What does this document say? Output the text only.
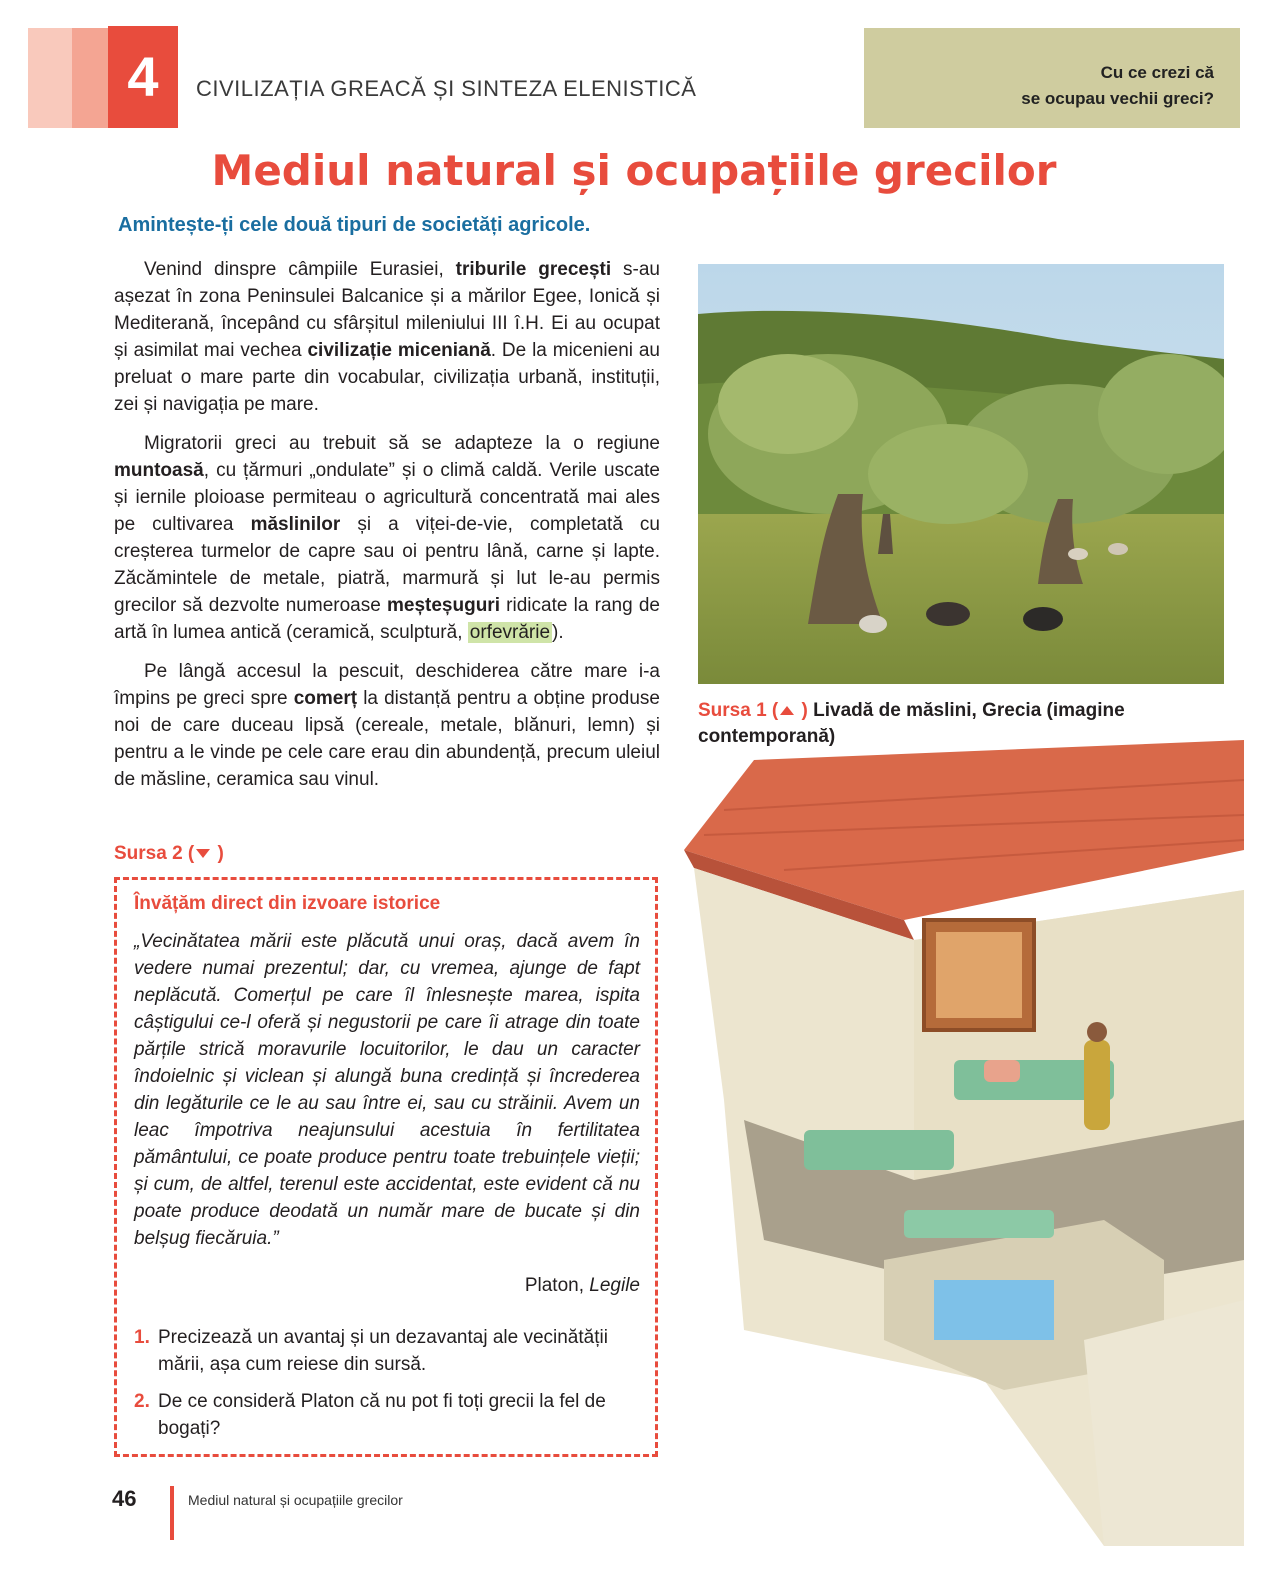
4	CIVILIZAȚIA GREACĂ ȘI SINTEZA ELENISTICĂ
Cu ce crezi că
se ocupau vechii greci?
Mediul natural și ocupațiile grecilor
Amintește-ți cele două tipuri de societăți agricole.

Venind dinspre câmpiile Eurasiei, triburile grecești s-au așezat în zona Peninsulei Balcanice și a mărilor Egee, Ionică și Mediterană, începând cu sfârșitul mileniului III î.H. Ei au ocupat și asimilat mai vechea civilizație miceniană. De la micenieni au preluat o mare parte din vocabular, civilizația urbană, instituții, zei și navigația pe mare.

Migratorii greci au trebuit să se adapteze la o regiune muntoasă, cu țărmuri „ondulate” și o climă caldă. Verile uscate și iernile ploioase permiteau o agricultură concentrată mai ales pe cultivarea măslinilor și a viței-de-vie, completată cu creșterea turmelor de capre sau oi pentru lână, carne și lapte. Zăcămintele de metale, piatră, marmură și lut le-au permis grecilor să dezvolte numeroase meșteșuguri ridicate la rang de artă în lumea antică (ceramică, sculptură, orfevrărie ).

Pe lângă accesul la pescuit, deschiderea către mare i-a împins pe greci spre comerț la distanță pentru a obține produse noi de care duceau lipsă (cereale, metale, blănuri, lemn) și pentru a le vinde pe cele care erau din abundență, precum uleiul de măsline, ceramica sau vinul.

Sursa 2 ( )
Învățăm direct din izvoare istorice
„Vecinătatea mării este plăcută unui oraș, dacă avem în vedere numai prezentul; dar, cu vremea, ajunge de fapt neplăcută. Comerțul pe care îl înlesnește marea, ispita câștigului ce-l oferă și negustorii pe care îi atrage din toate părțile strică moravurile locuitorilor, le dau un caracter îndoielnic și viclean și alungă buna credință și încrederea din legăturile ce le au sau între ei, sau cu străinii. Avem un leac împotriva neajunsului acestuia în fertilitatea pământului, ce poate produce pentru toate trebuințele vieții; și cum, de altfel, terenul este accidentat, este evident că nu poate produce deodată un număr mare de bucate și din belșug fiecăruia.”
Platon, Legile
1. Precizează un avantaj și un dezavantaj ale vecinătății mării, așa cum reiese din sursă.
2. De ce consideră Platon că nu pot fi toți grecii la fel de bogați?
Sursa 1 ( ) Livadă de măslini, Grecia (imagine contemporană)
46	Mediul natural și ocupațiile grecilor
